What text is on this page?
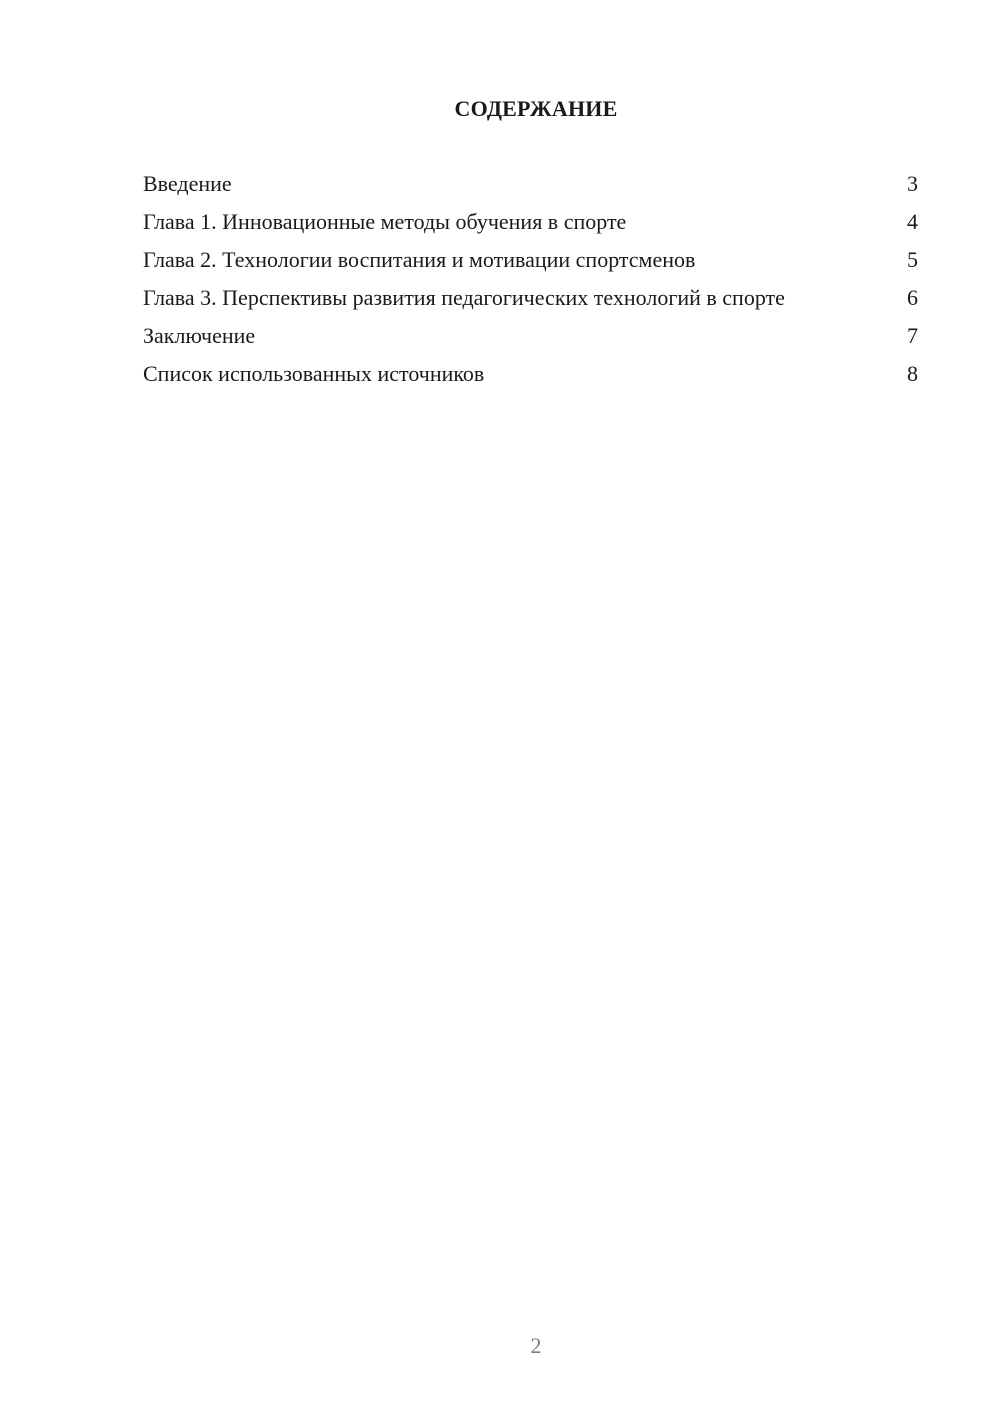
СОДЕРЖАНИЕ
Введение	3
Глава 1. Инновационные методы обучения в спорте	4
Глава 2. Технологии воспитания и мотивации спортсменов	5
Глава 3. Перспективы развития педагогических технологий в спорте	6
Заключение	7
Список использованных источников	8
2
